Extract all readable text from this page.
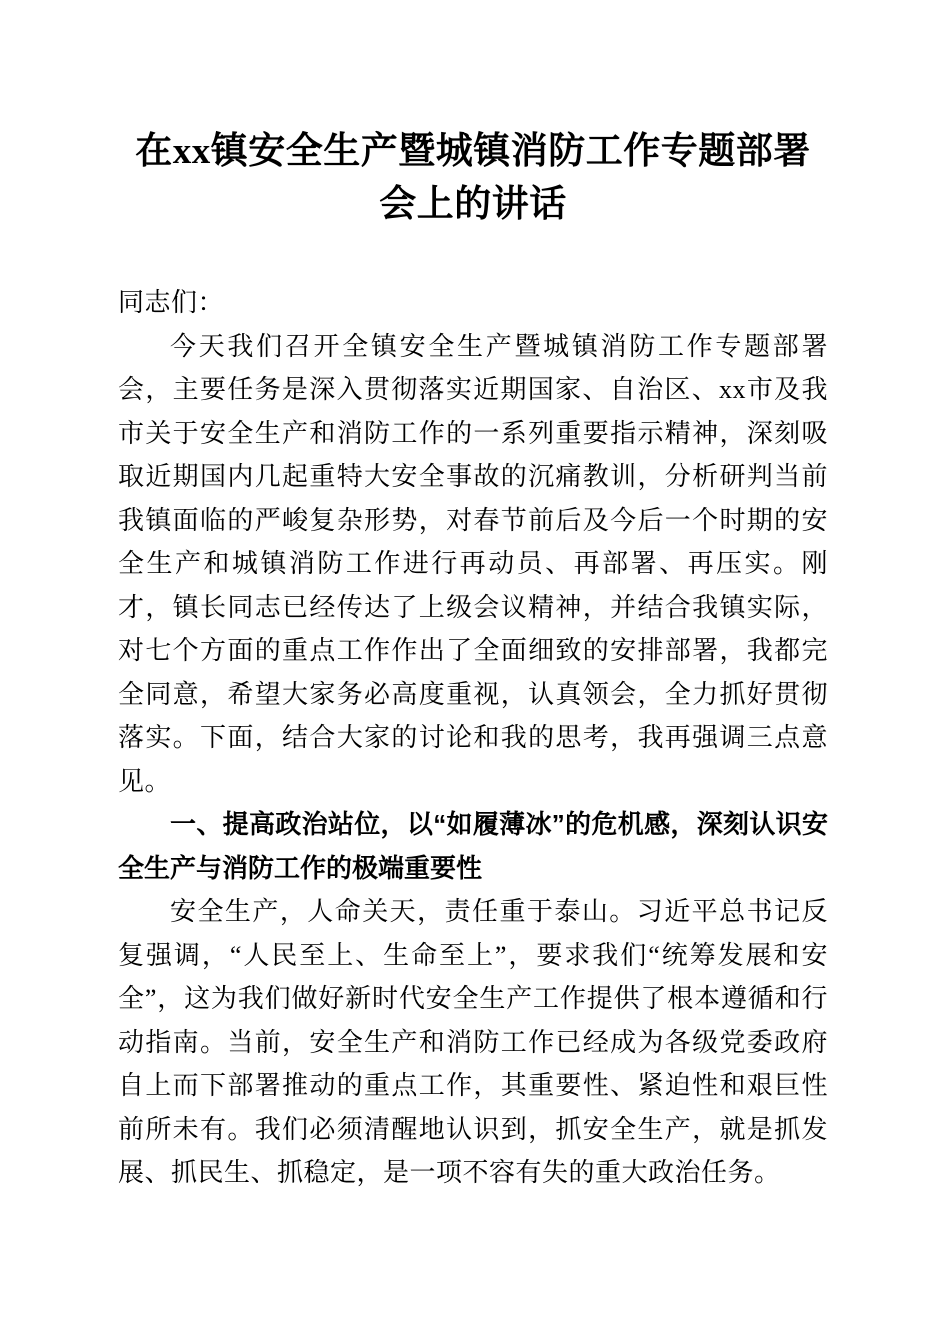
在xx镇安全生产暨城镇消防工作专题部署会上的讲话

同志们：

今天我们召开全镇安全生产暨城镇消防工作专题部署会，主要任务是深入贯彻落实近期国家、自治区、xx市及我市关于安全生产和消防工作的一系列重要指示精神，深刻吸取近期国内几起重特大安全事故的沉痛教训，分析研判当前我镇面临的严峻复杂形势，对春节前后及今后一个时期的安全生产和城镇消防工作进行再动员、再部署、再压实。刚才，镇长同志已经传达了上级会议精神，并结合我镇实际，对七个方面的重点工作作出了全面细致的安排部署，我都完全同意，希望大家务必高度重视，认真领会，全力抓好贯彻落实。下面，结合大家的讨论和我的思考，我再强调三点意见。

一、提高政治站位，以“如履薄冰”的危机感，深刻认识安全生产与消防工作的极端重要性

安全生产，人命关天，责任重于泰山。习近平总书记反复强调，“人民至上、生命至上”，要求我们“统筹发展和安全”，这为我们做好新时代安全生产工作提供了根本遵循和行动指南。当前，安全生产和消防工作已经成为各级党委政府自上而下部署推动的重点工作，其重要性、紧迫性和艰巨性前所未有。我们必须清醒地认识到，抓安全生产，就是抓发展、抓民生、抓稳定，是一项不容有失的重大政治任务。
